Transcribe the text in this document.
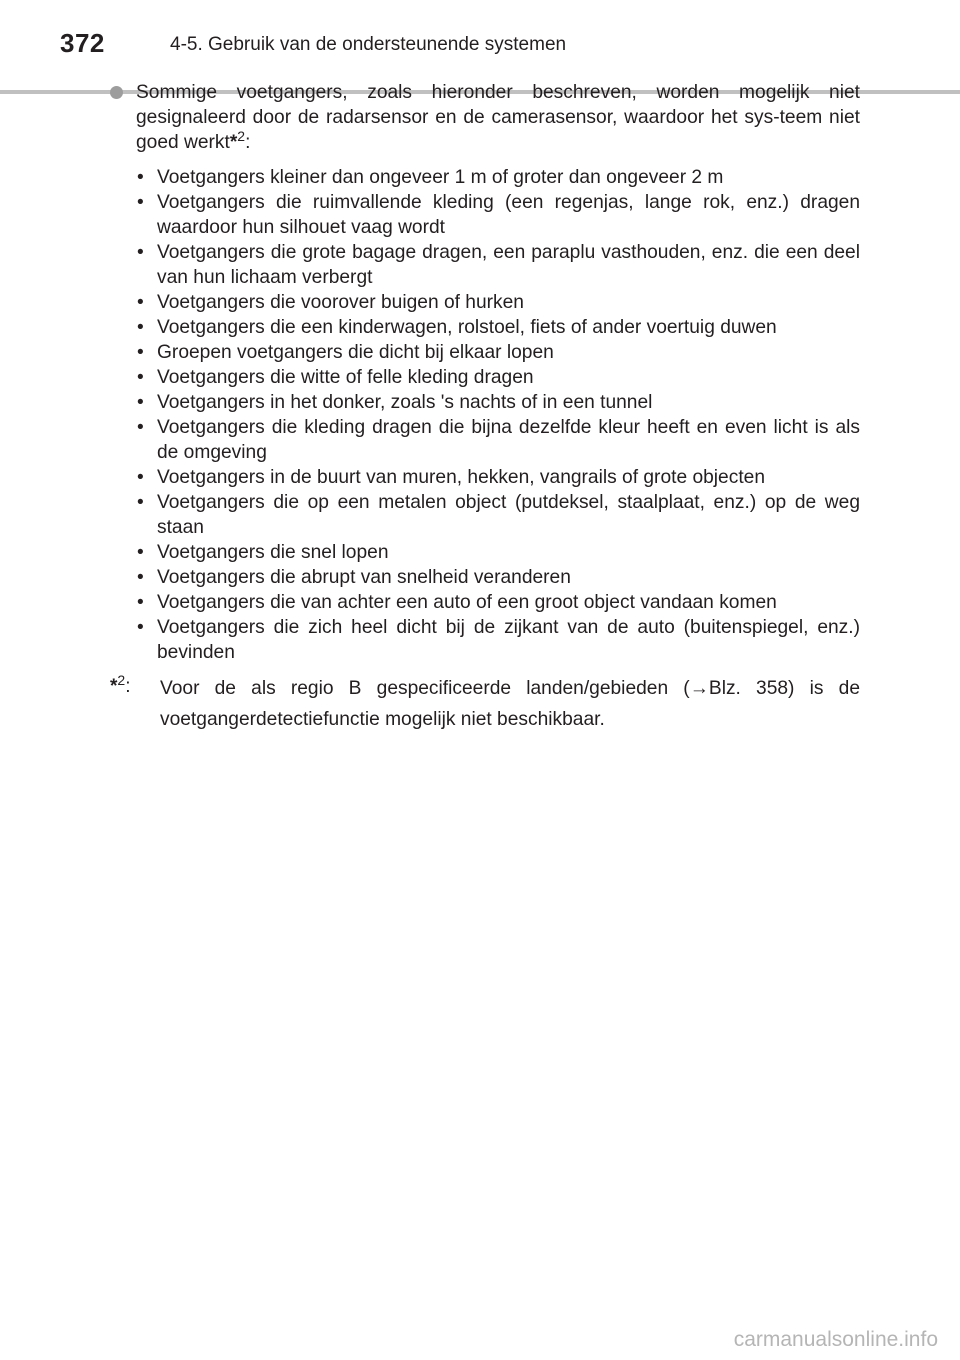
372	4-5. Gebruik van de ondersteunende systemen
Sommige voetgangers, zoals hieronder beschreven, worden mogelijk niet gesignaleerd door de radarsensor en de camerasensor, waardoor het sys-teem niet goed werkt*$^2$:
• Voetgangers kleiner dan ongeveer 1 m of groter dan ongeveer 2 m
• Voetgangers die ruimvallende kleding (een regenjas, lange rok, enz.) dragen waardoor hun silhouet vaag wordt
• Voetgangers die grote bagage dragen, een paraplu vasthouden, enz. die een deel van hun lichaam verbergt
• Voetgangers die voorover buigen of hurken
• Voetgangers die een kinderwagen, rolstoel, fiets of ander voertuig duwen
• Groepen voetgangers die dicht bij elkaar lopen
• Voetgangers die witte of felle kleding dragen
• Voetgangers in het donker, zoals 's nachts of in een tunnel
• Voetgangers die kleding dragen die bijna dezelfde kleur heeft en even licht is als de omgeving
• Voetgangers in de buurt van muren, hekken, vangrails of grote objecten
• Voetgangers die op een metalen object (putdeksel, staalplaat, enz.) op de weg staan
• Voetgangers die snel lopen
• Voetgangers die abrupt van snelheid veranderen
• Voetgangers die van achter een auto of een groot object vandaan komen
• Voetgangers die zich heel dicht bij de zijkant van de auto (buitenspiegel, enz.) bevinden
*$^2$: Voor de als regio B gespecificeerde landen/gebieden (→Blz. 358) is de voetgangerdetectiefunctie mogelijk niet beschikbaar.
carmanualsonline.info
